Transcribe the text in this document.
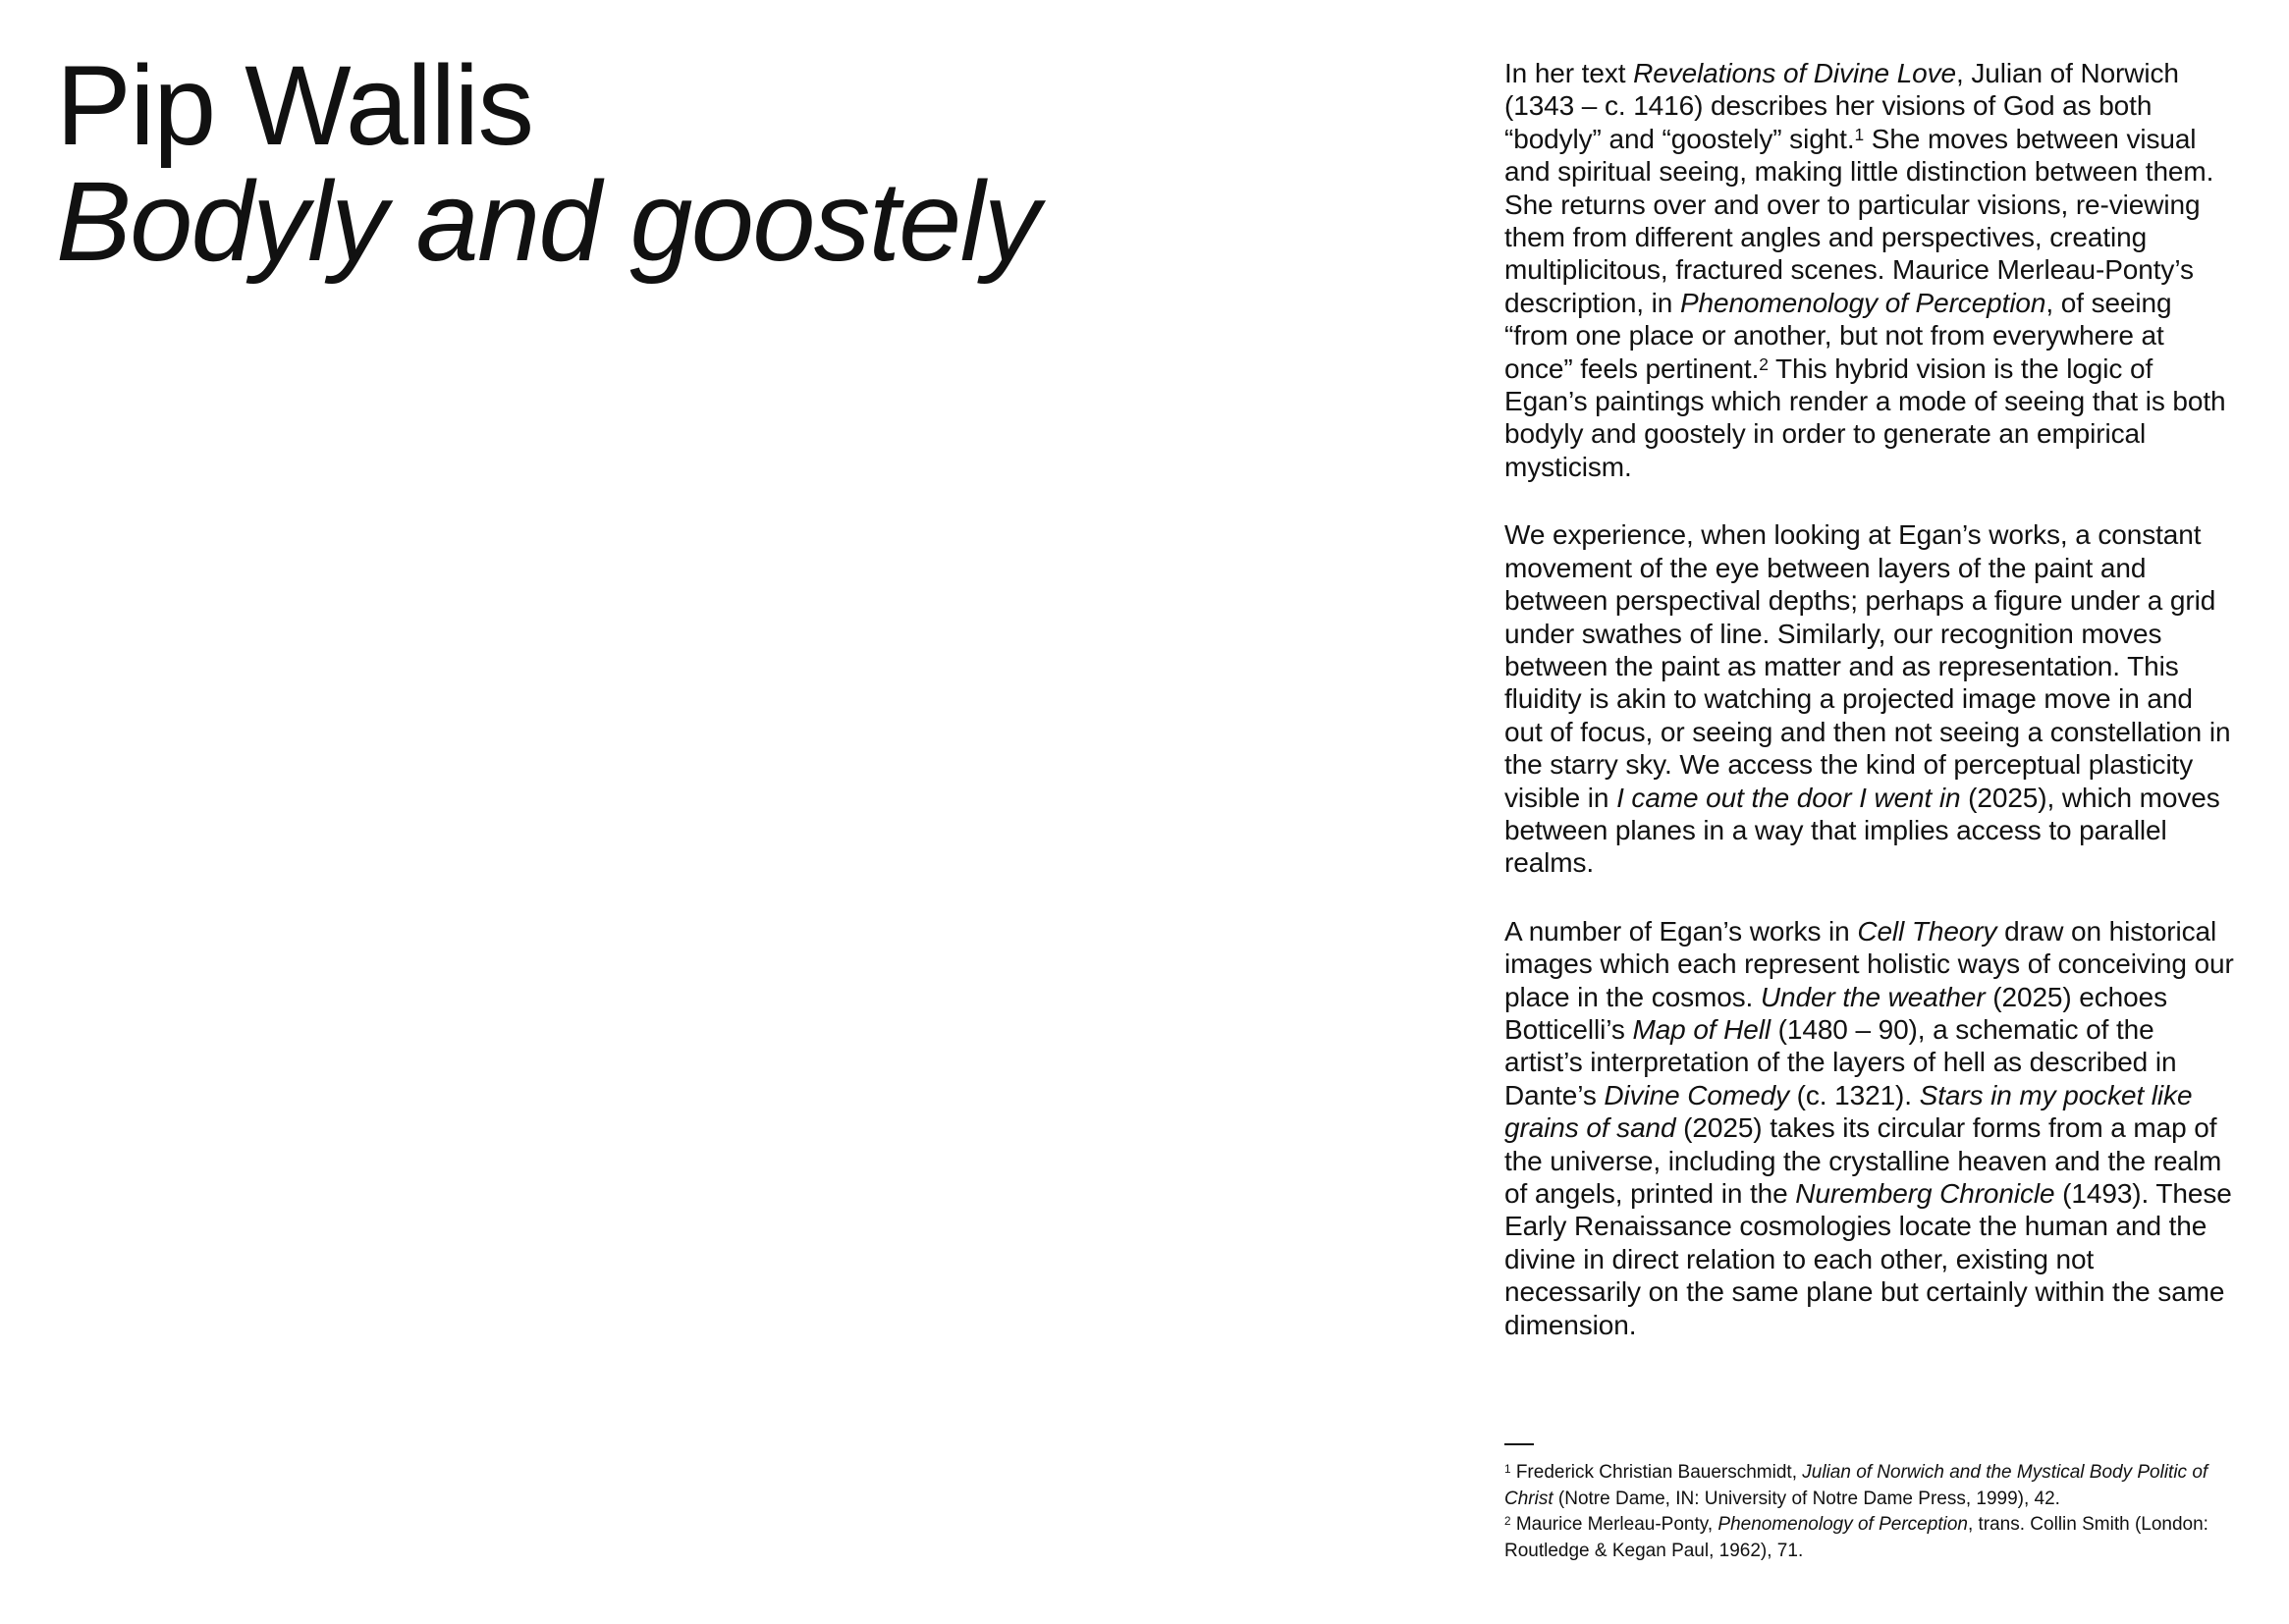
Pip Wallis
Bodyly and goostely

In her text Revelations of Divine Love, Julian of Norwich (1343 – c. 1416) describes her visions of God as both “bodyly” and “goostely” sight.$^1$ She moves between visual and spiritual seeing, making little distinction between them. She returns over and over to particular visions, re-viewing them from different angles and perspectives, creating multiplicitous, fractured scenes. Maurice Merleau-Ponty’s description, in Phenomenology of Perception, of seeing “from one place or another, but not from everywhere at once” feels pertinent.$^2$ This hybrid vision is the logic of Egan’s paintings which render a mode of seeing that is both bodyly and goostely in order to generate an empirical mysticism.

We experience, when looking at Egan’s works, a constant movement of the eye between layers of the paint and between perspectival depths; perhaps a figure under a grid under swathes of line. Similarly, our recognition moves between the paint as matter and as representation. This fluidity is akin to watching a projected image move in and out of focus, or seeing and then not seeing a constellation in the starry sky. We access the kind of perceptual plasticity visible in I came out the door I went in (2025), which moves between planes in a way that implies access to parallel realms.

A number of Egan’s works in Cell Theory draw on historical images which each represent holistic ways of conceiving our place in the cosmos. Under the weather (2025) echoes Botticelli’s Map of Hell (1480 – 90), a schematic of the artist’s interpretation of the layers of hell as described in Dante’s Divine Comedy (c. 1321). Stars in my pocket like grains of sand (2025) takes its circular forms from a map of the universe, including the crystalline heaven and the realm of angels, printed in the Nuremberg Chronicle (1493). These Early Renaissance cosmologies locate the human and the divine in direct relation to each other, existing not necessarily on the same plane but certainly within the same dimension.

$^1$ Frederick Christian Bauerschmidt, Julian of Norwich and the Mystical Body Politic of Christ (Notre Dame, IN: University of Notre Dame Press, 1999), 42.

$^2$ Maurice Merleau-Ponty, Phenomenology of Perception, trans. Collin Smith (London: Routledge & Kegan Paul, 1962), 71.
